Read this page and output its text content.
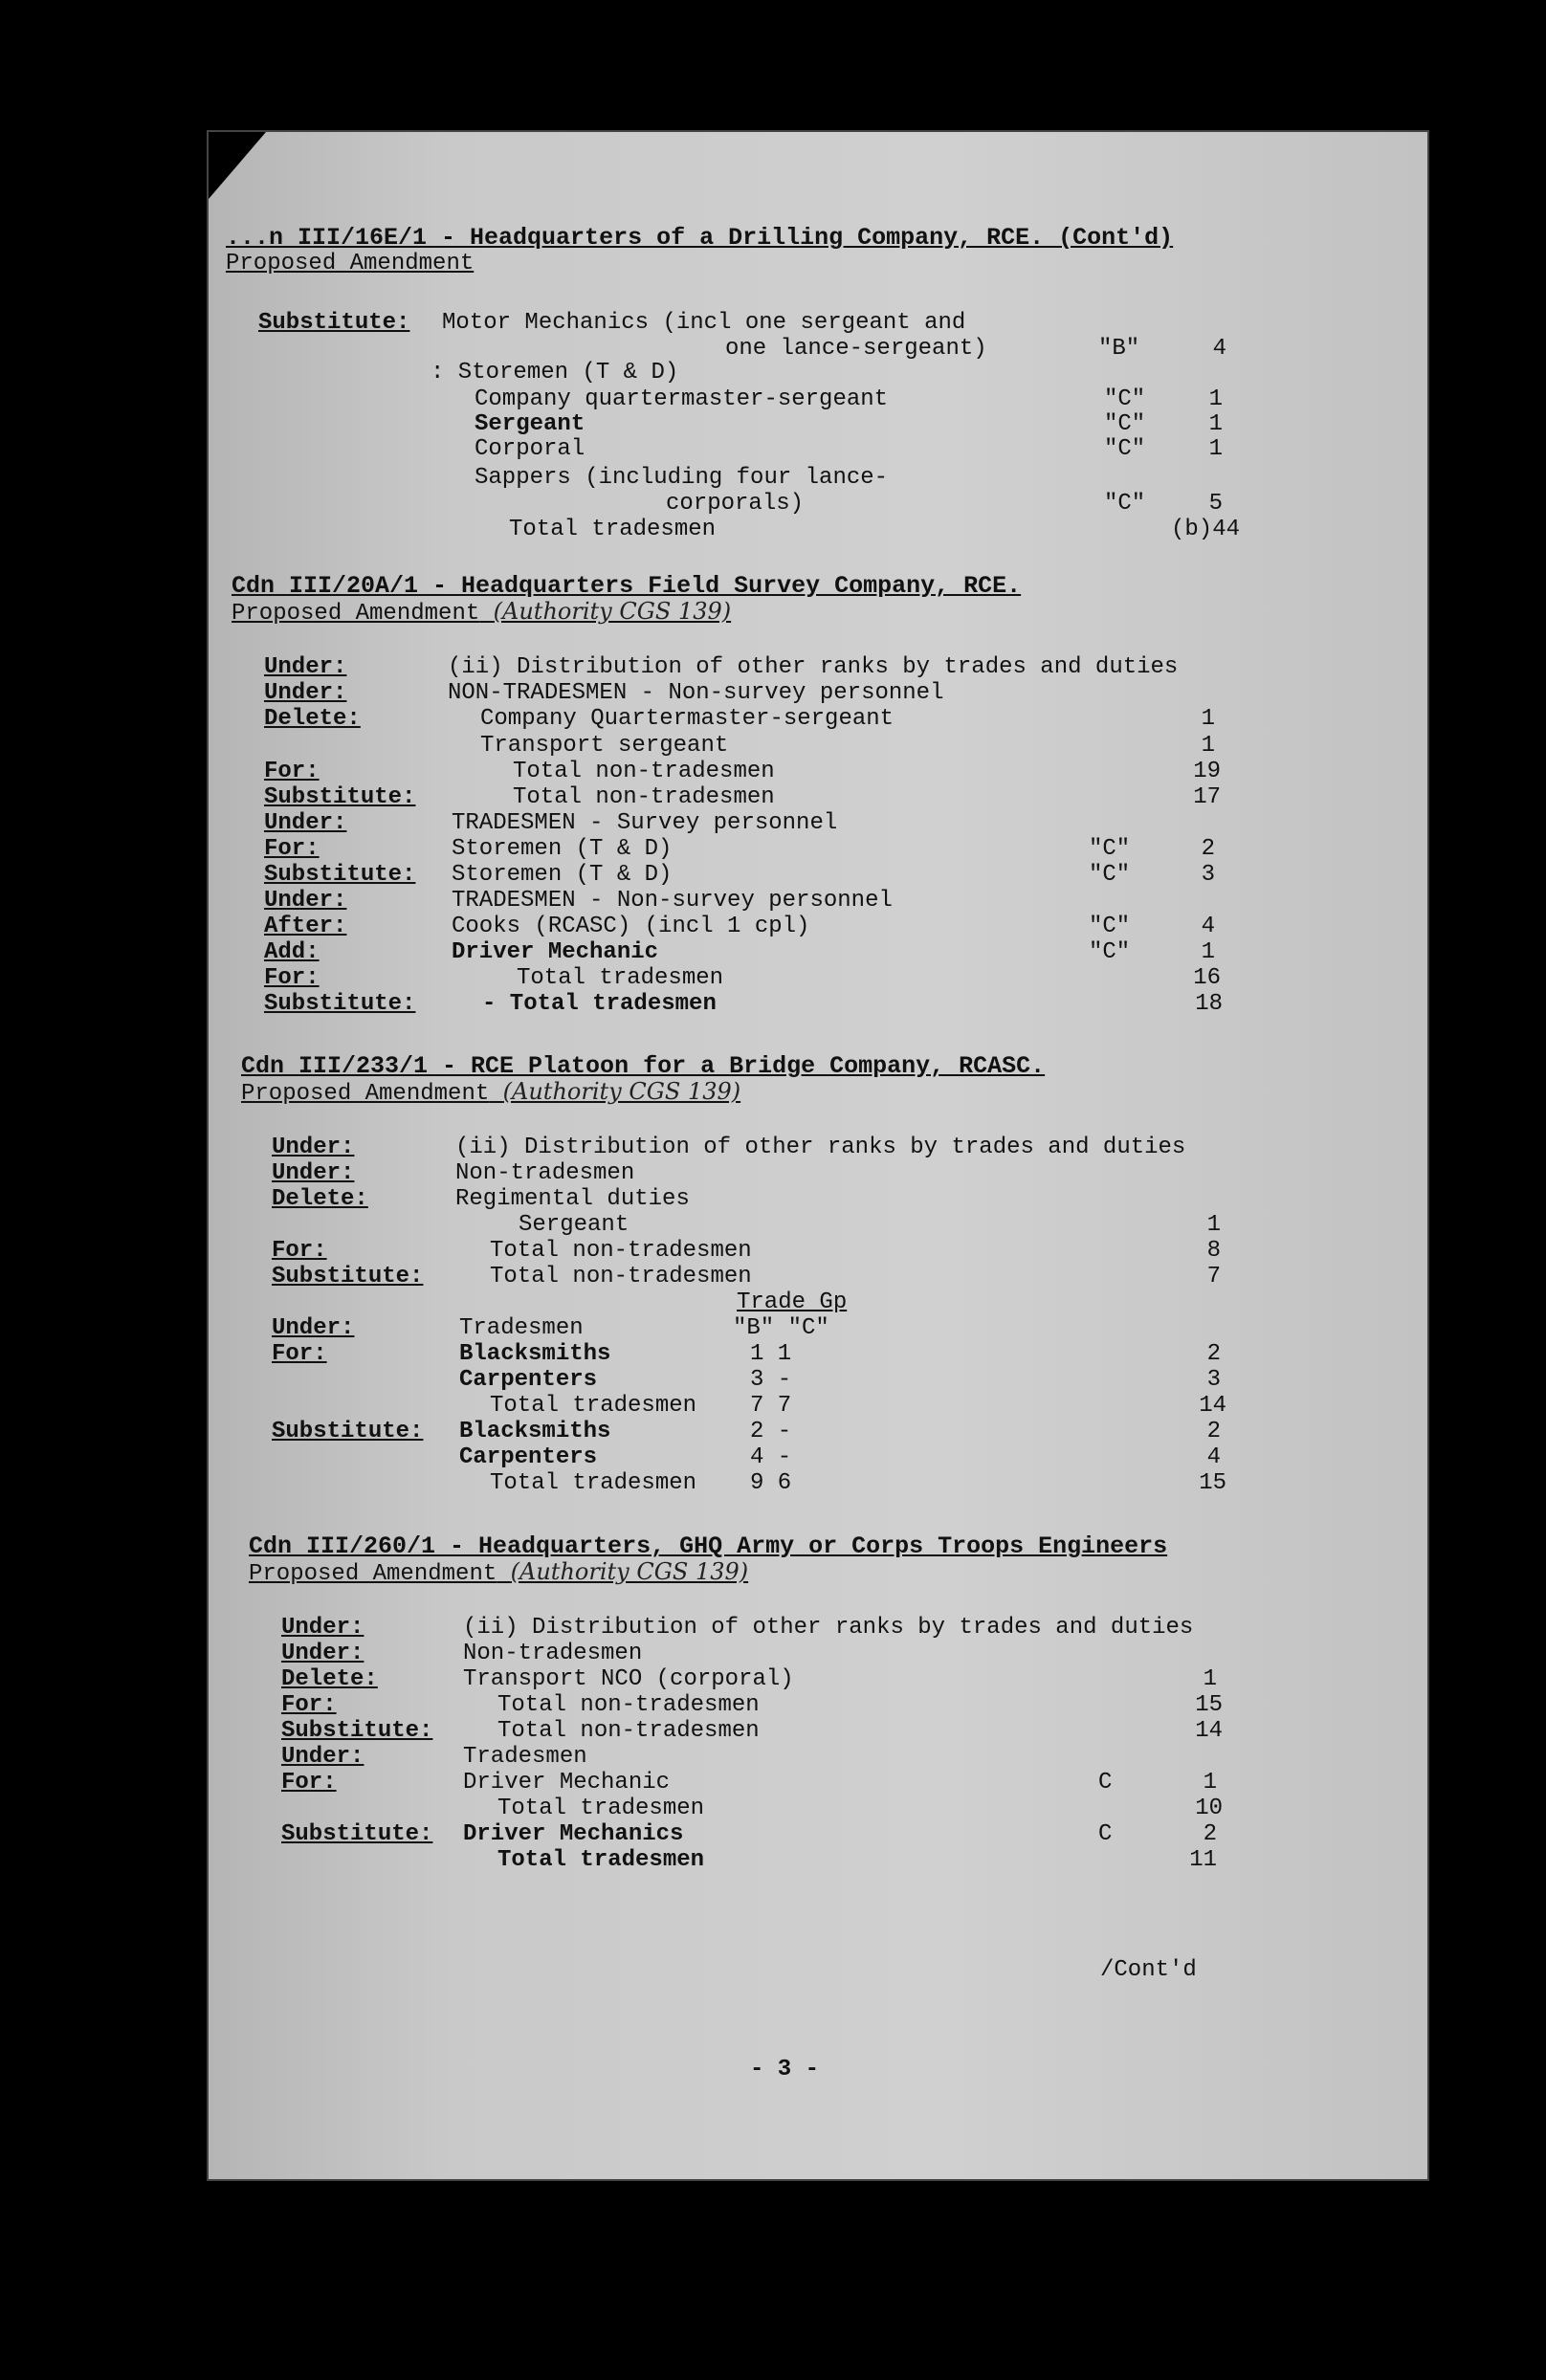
...n III/16E/1 - Headquarters of a Drilling Company, RCE. (Cont'd)
Proposed Amendment
Cdn III/20A/1 - Headquarters Field Survey Company, RCE.
Proposed Amendment (Authority CGS 139)
Cdn III/233/1 - RCE Platoon for a Bridge Company, RCASC.
Proposed Amendment (Authority CGS 139)
Cdn III/260/1 - Headquarters, GHQ Army or Corps Troops Engineers
Proposed Amendment (Authority CGS 139)
Substitute: Motor Mechanics (incl one sergeant and
one lance-sergeant)	"B"	4
: Storemen (T & D)
Company quartermaster-sergeant	"C"	1
Sergeant	"C"	1
Corporal	"C"	1
Sappers (including four lance-
corporals)	"C"	5
Total tradesmen	(b)44
Under:	(ii) Distribution of other ranks by trades and duties
Under:	NON-TRADESMEN - Non-survey personnel
Delete:	Company Quartermaster-sergeant	1
Transport sergeant	1
For:	Total non-tradesmen	19
Substitute:	Total non-tradesmen	17
Under:	TRADESMEN - Survey personnel
For:	Storemen (T & D)	"C"	2
Substitute: Storemen (T & D)	"C"	3
Under:	TRADESMEN - Non-survey personnel
After:	Cooks (RCASC) (incl 1 cpl)	"C"	4
Add:	Driver Mechanic	"C"	1
For:	Total tradesmen	16
Substitute:	- Total tradesmen	18
Under:	(ii) Distribution of other ranks by trades and duties
Under:	Non-tradesmen
Delete:	Regimental duties
Sergeant	1
For:	Total non-tradesmen	8
Substitute:	Total non-tradesmen	7
Trade Gp
Under:	Tradesmen	"B" "C"
For:	Blacksmiths	1 1	2
Carpenters	3 -	3
Total tradesmen 7 7	14
Substitute: Blacksmiths	2 -	2
Carpenters	4 -	4
Total tradesmen 9 6	15
Under:	(ii) Distribution of other ranks by trades and duties
Under:	Non-tradesmen
Delete:	Transport NCO (corporal)	1
For:	Total non-tradesmen	15
Substitute:	Total non-tradesmen	14
Under:	Tradesmen
For:	Driver Mechanic	C	1
Total tradesmen	10
Substitute: Driver Mechanics	C	2
Total tradesmen	11
/Cont'd
- 3 -
